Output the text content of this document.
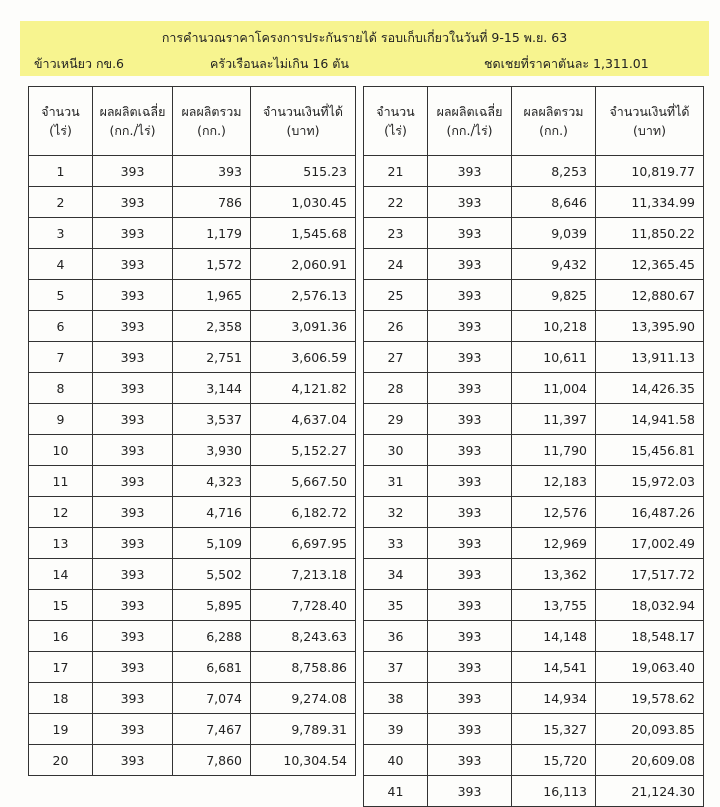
การคำนวณราคาโครงการประกันรายได้ รอบเก็บเกี่ยวในวันที่ 9-15 พ.ย. 63
ข้าวเหนียว กข.6	ครัวเรือนละไม่เกิน 16 ตัน	ชดเชยที่ราคาตันละ 1,311.01
จำนวน
(ไร่)	ผลผลิตเฉลี่ย
(กก./ไร่)	ผลผลิตรวม
(กก.)	จำนวนเงินที่ได้
(บาท)
1	393	393	515.23
2	393	786	1,030.45
3	393	1,179	1,545.68
4	393	1,572	2,060.91
5	393	1,965	2,576.13
6	393	2,358	3,091.36
7	393	2,751	3,606.59
8	393	3,144	4,121.82
9	393	3,537	4,637.04
10	393	3,930	5,152.27
11	393	4,323	5,667.50
12	393	4,716	6,182.72
13	393	5,109	6,697.95
14	393	5,502	7,213.18
15	393	5,895	7,728.40
16	393	6,288	8,243.63
17	393	6,681	8,758.86
18	393	7,074	9,274.08
19	393	7,467	9,789.31
20	393	7,860	10,304.54
จำนวน
(ไร่)	ผลผลิตเฉลี่ย
(กก./ไร่)	ผลผลิตรวม
(กก.)	จำนวนเงินที่ได้
(บาท)
21	393	8,253	10,819.77
22	393	8,646	11,334.99
23	393	9,039	11,850.22
24	393	9,432	12,365.45
25	393	9,825	12,880.67
26	393	10,218	13,395.90
27	393	10,611	13,911.13
28	393	11,004	14,426.35
29	393	11,397	14,941.58
30	393	11,790	15,456.81
31	393	12,183	15,972.03
32	393	12,576	16,487.26
33	393	12,969	17,002.49
34	393	13,362	17,517.72
35	393	13,755	18,032.94
36	393	14,148	18,548.17
37	393	14,541	19,063.40
38	393	14,934	19,578.62
39	393	15,327	20,093.85
40	393	15,720	20,609.08
41	393	16,113	21,124.30
